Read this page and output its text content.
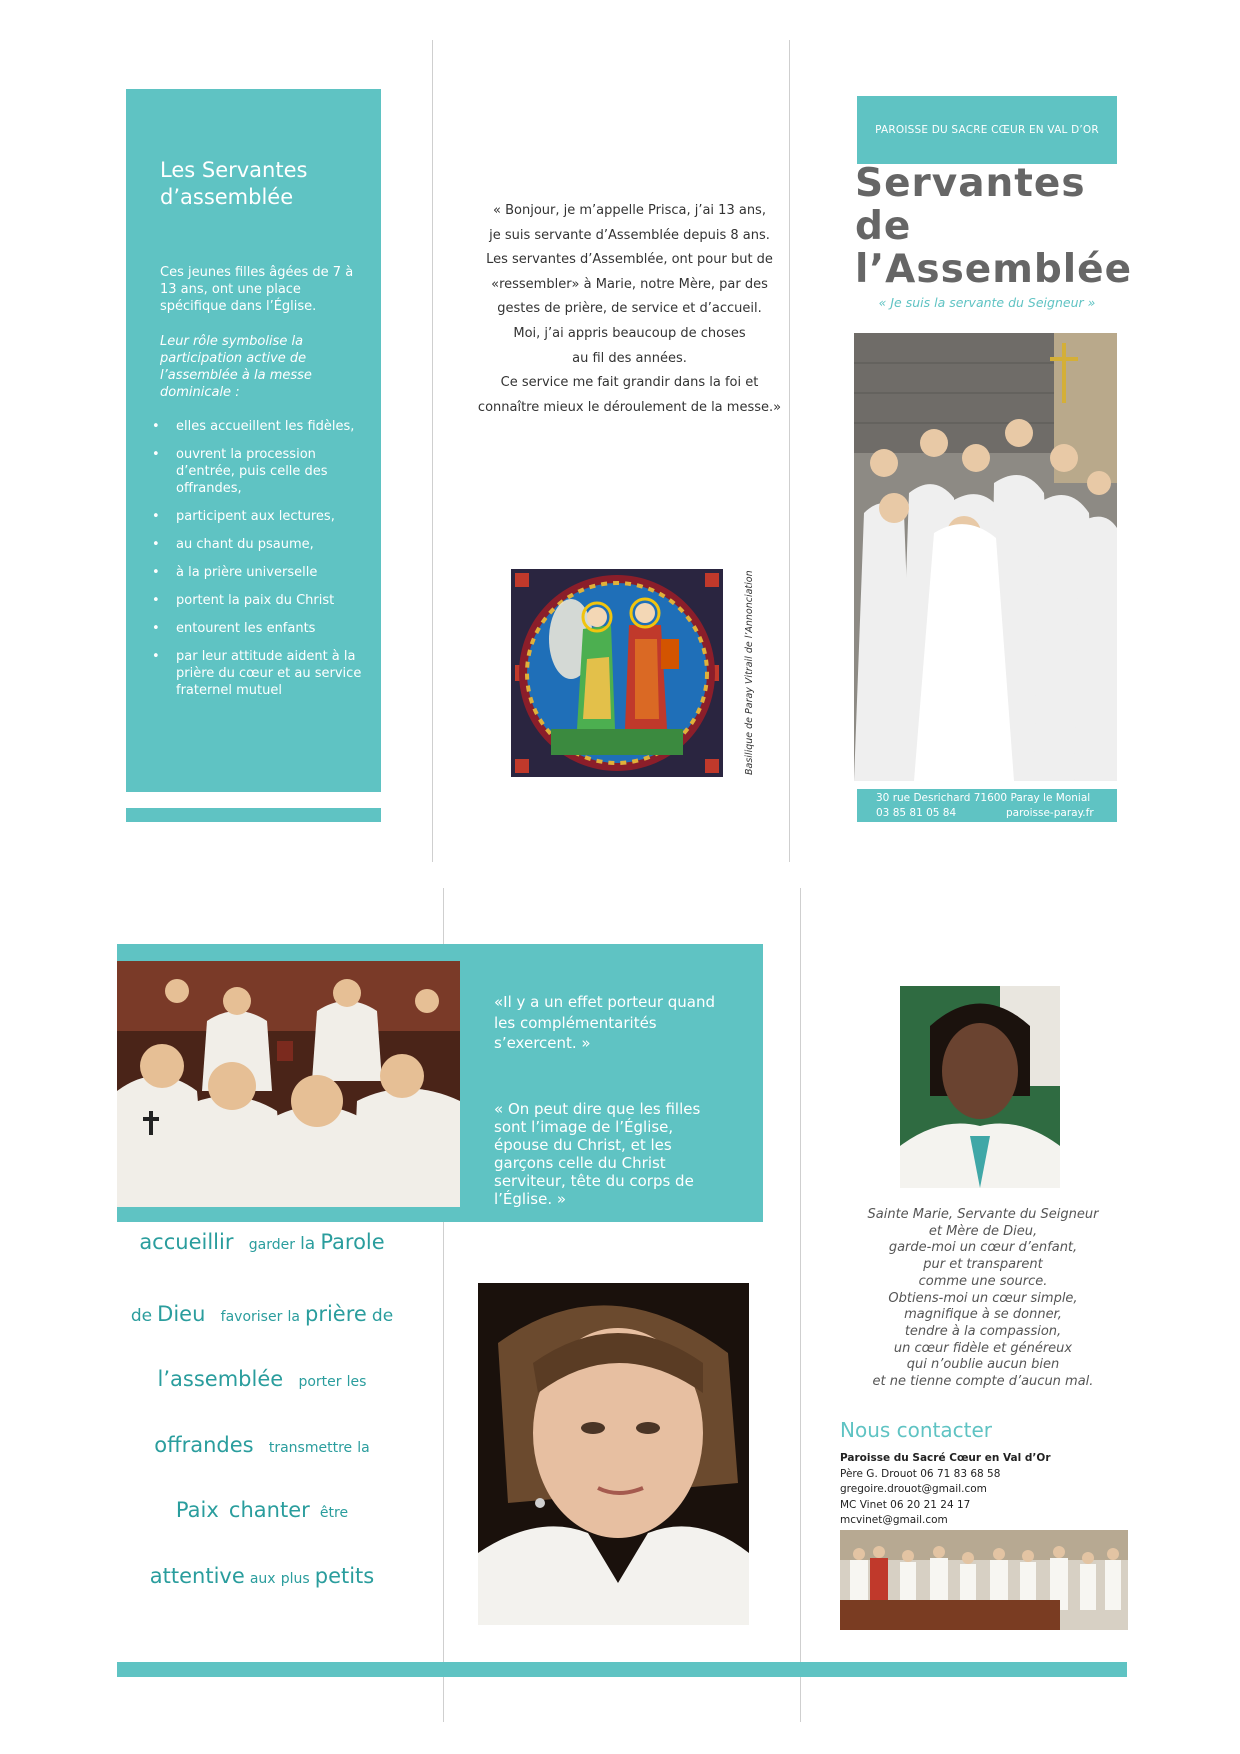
Les Servantes
d’assemblée
Ces jeunes filles âgées de 7 à 13 ans, ont une place spécifique dans l’Église.
Leur rôle symbolise la participation active de l’assemblée à la messe dominicale :
• elles accueillent les fidèles,
• ouvrent la procession d’entrée, puis celle des offrandes,
• participent aux lectures,
• au chant du psaume,
• à la prière universelle
• portent la paix du Christ
• entourent les enfants
• par leur attitude aident à la prière du cœur et au service fraternel mutuel
« Bonjour, je m’appelle Prisca, j’ai 13 ans,
je suis servante d’Assemblée depuis 8 ans.
Les servantes d’Assemblée, ont pour but de
«ressembler» à Marie, notre Mère, par des
gestes de prière, de service et d’accueil.
Moi, j’ai appris beaucoup de choses
au fil des années.
Ce service me fait grandir dans la foi et
connaître mieux le déroulement de la messe.»
Basilique de Paray Vitrail de l’Annonciation
PAROISSE DU SACRE CŒUR EN VAL D’OR
Servantes
de
l’Assemblée
« Je suis la servante du Seigneur »
30 rue Desrichard 71600 Paray le Monial
03 85 81 05 84	paroisse-paray.fr
«Il y a un effet porteur quand les complémentarités s’exercent. »
« On peut dire que les filles sont l’image de l’Église, épouse du Christ, et les garçons celle du Christ serviteur, tête du corps de l’Église. »
accueillir garder la Parole
de Dieu favoriser la prière de
l’assemblée porter les
offrandes transmettre la
Paix chanter être
attentive aux plus petits
Sainte Marie, Servante du Seigneur
et Mère de Dieu,
garde-moi un cœur d’enfant,
pur et transparent
comme une source.
Obtiens-moi un cœur simple,
magnifique à se donner,
tendre à la compassion,
un cœur fidèle et généreux
qui n’oublie aucun bien
et ne tienne compte d’aucun mal.
Nous contacter
Paroisse du Sacré Cœur en Val d’Or
Père G. Drouot 06 71 83 68 58
gregoire.drouot@gmail.com
MC Vinet 06 20 21 24 17
mcvinet@gmail.com
